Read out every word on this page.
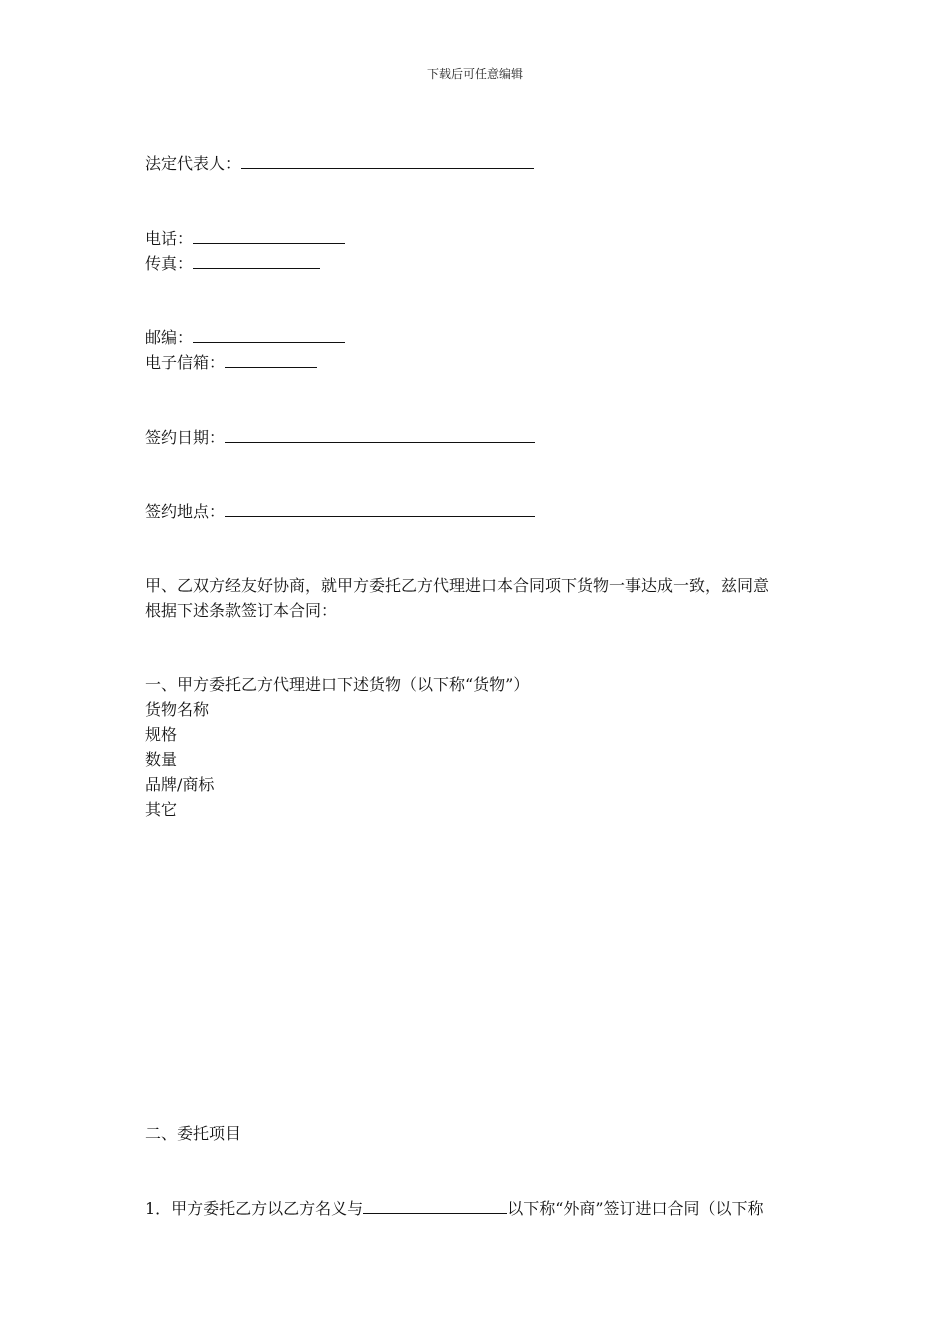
下载后可任意编辑
法定代表人：
电话：
传真：
邮编：
电子信箱：
签约日期：
签约地点：

甲、乙双方经友好协商，就甲方委托乙方代理进口本合同项下货物一事达成一致，兹同意

根据下述条款签订本合同：

一、甲方委托乙方代理进口下述货物（以下称“货物”）

货物名称

规格

数量

品牌/商标

其它

二、委托项目

1．甲方委托乙方以乙方名义与	以下称“外商”签订进口合同（以下称
